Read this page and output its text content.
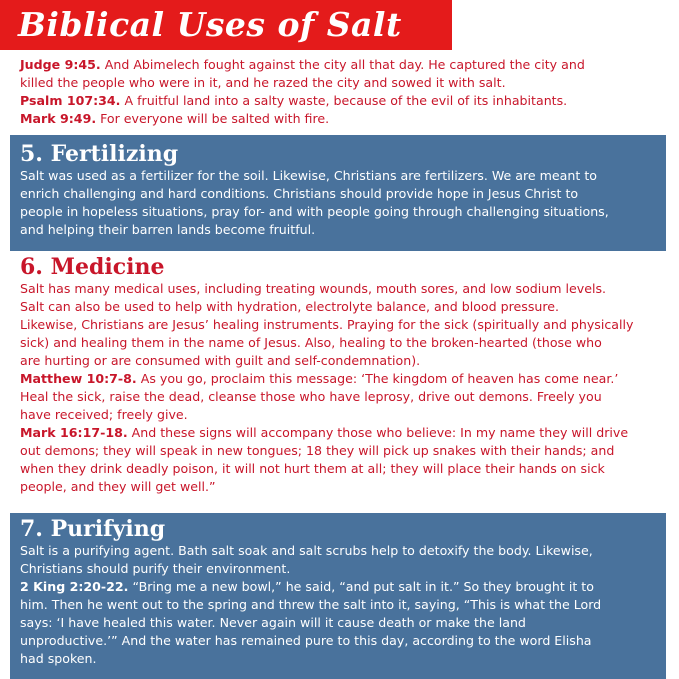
Biblical Uses of Salt

Judge 9:45. And Abimelech fought against the city all that day. He captured the city and

killed the people who were in it, and he razed the city and sowed it with salt.

Psalm 107:34. A fruitful land into a salty waste, because of the evil of its inhabitants.

Mark 9:49. For everyone will be salted with fire.

5. Fertilizing

Salt was used as a fertilizer for the soil. Likewise, Christians are fertilizers. We are meant to

enrich challenging and hard conditions. Christians should provide hope in Jesus Christ to

people in hopeless situations, pray for- and with people going through challenging situations,

and helping their barren lands become fruitful.

6. Medicine

Salt has many medical uses, including treating wounds, mouth sores, and low sodium levels.

Salt can also be used to help with hydration, electrolyte balance, and blood pressure.

Likewise, Christians are Jesus’ healing instruments. Praying for the sick (spiritually and physically

sick) and healing them in the name of Jesus. Also, healing to the broken-hearted (those who

are hurting or are consumed with guilt and self-condemnation).

Matthew 10:7-8. As you go, proclaim this message: ‘The kingdom of heaven has come near.’

Heal the sick, raise the dead, cleanse those who have leprosy, drive out demons. Freely you

have received; freely give.

Mark 16:17-18. And these signs will accompany those who believe: In my name they will drive

out demons; they will speak in new tongues; 18 they will pick up snakes with their hands; and

when they drink deadly poison, it will not hurt them at all; they will place their hands on sick

people, and they will get well.”

7. Purifying

Salt is a purifying agent. Bath salt soak and salt scrubs help to detoxify the body. Likewise,

Christians should purify their environment.

2 King 2:20-22. “Bring me a new bowl,” he said, “and put salt in it.” So they brought it to

him. Then he went out to the spring and threw the salt into it, saying, “This is what the Lord

says: ‘I have healed this water. Never again will it cause death or make the land

unproductive.’” And the water has remained pure to this day, according to the word Elisha

had spoken.
